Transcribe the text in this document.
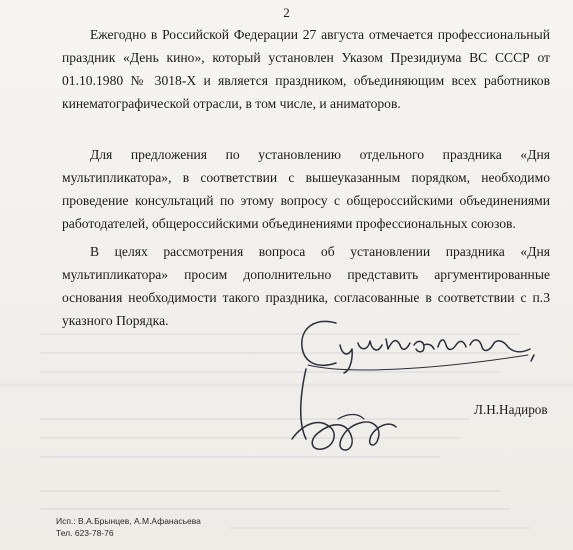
2

Ежегодно в Российской Федерации 27 августа отмечается профессиональный праздник «День кино», который установлен Указом Президиума ВС СССР от 01.10.1980 № 3018-Х и является праздником, объединяющим всех работников кинематографической отрасли, в том числе, и аниматоров.

Для предложения по установлению отдельного праздника «Дня мультипликатора», в соответствии с вышеуказанным порядком, необходимо проведение консультаций по этому вопросу с общероссийскими объединениями работодателей, общероссийскими объединениями профессиональных союзов.

В целях рассмотрения вопроса об установлении праздника «Дня мультипликатора» просим дополнительно представить аргументированные основания необходимости такого праздника, согласованные в соответствии с п.3 указного Порядка.

Л.Н.Надиров
Исп.: В.А.Брынцев, А.М.Афанасьева
Тел. 623-78-76
